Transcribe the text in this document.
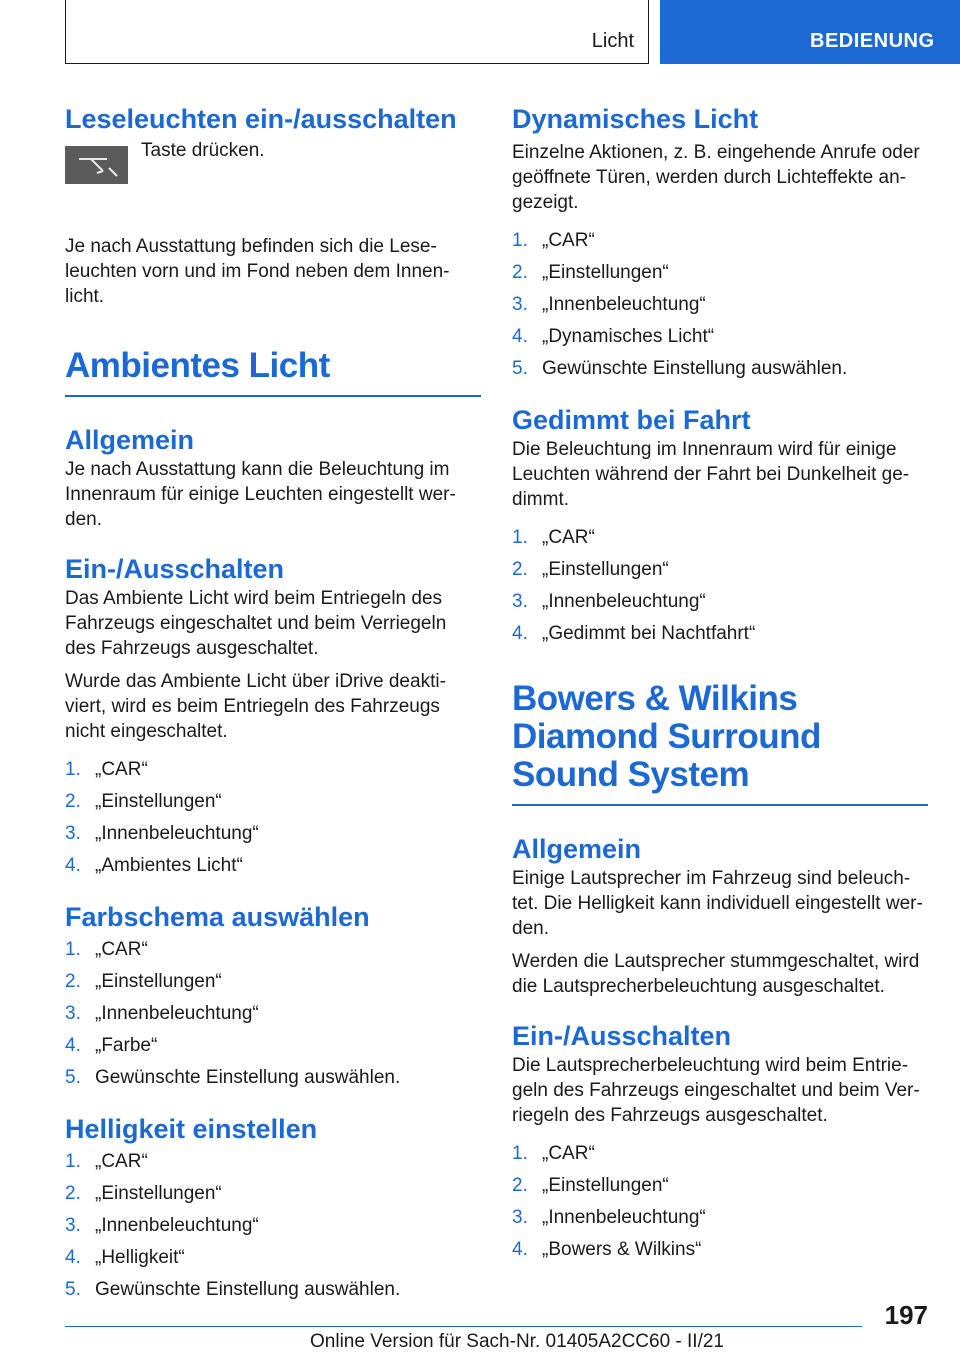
Licht	BEDIENUNG
Leseleuchten ein-/ausschalten
Taste drücken.

Je nach Ausstattung befinden sich die Lese-leuchten vorn und im Fond neben dem Innen-licht.

Ambientes Licht
Allgemein

Je nach Ausstattung kann die Beleuchtung im Innenraum für einige Leuchten eingestellt wer-den.

Ein-/Ausschalten

Das Ambiente Licht wird beim Entriegeln des Fahrzeugs eingeschaltet und beim Verriegeln des Fahrzeugs ausgeschaltet.

Wurde das Ambiente Licht über iDrive deakti-viert, wird es beim Entriegeln des Fahrzeugs nicht eingeschaltet.

1. „CAR“
2. „Einstellungen“
3. „Innenbeleuchtung“
4. „Ambientes Licht“
Farbschema auswählen
1. „CAR“
2. „Einstellungen“
3. „Innenbeleuchtung“
4. „Farbe“
5. Gewünschte Einstellung auswählen.
Helligkeit einstellen
1. „CAR“
2. „Einstellungen“
3. „Innenbeleuchtung“
4. „Helligkeit“
5. Gewünschte Einstellung auswählen.
Dynamisches Licht

Einzelne Aktionen, z. B. eingehende Anrufe oder geöffnete Türen, werden durch Lichteffekte an-gezeigt.

1. „CAR“
2. „Einstellungen“
3. „Innenbeleuchtung“
4. „Dynamisches Licht“
5. Gewünschte Einstellung auswählen.
Gedimmt bei Fahrt

Die Beleuchtung im Innenraum wird für einige Leuchten während der Fahrt bei Dunkelheit ge-dimmt.

1. „CAR“
2. „Einstellungen“
3. „Innenbeleuchtung“
4. „Gedimmt bei Nachtfahrt“
Bowers & Wilkins Diamond Surround Sound System
Allgemein

Einige Lautsprecher im Fahrzeug sind beleuch-tet. Die Helligkeit kann individuell eingestellt wer-den.

Werden die Lautsprecher stummgeschaltet, wird die Lautsprecherbeleuchtung ausgeschaltet.

Ein-/Ausschalten

Die Lautsprecherbeleuchtung wird beim Entrie-geln des Fahrzeugs eingeschaltet und beim Ver-riegeln des Fahrzeugs ausgeschaltet.

1. „CAR“
2. „Einstellungen“
3. „Innenbeleuchtung“
4. „Bowers & Wilkins“
197
Online Version für Sach-Nr. 01405A2CC60 - II/21
